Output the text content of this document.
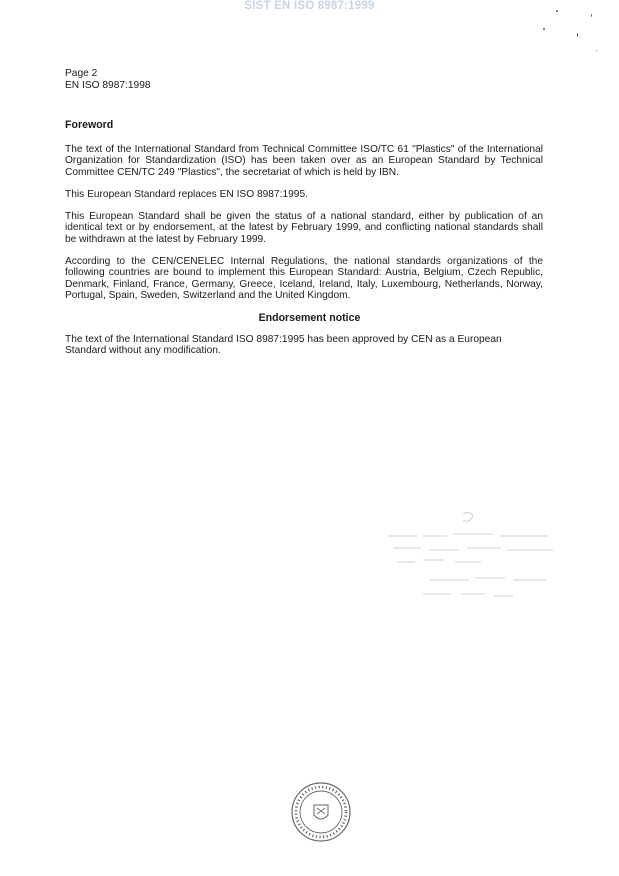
SIST EN ISO 8987:1999
Page 2
EN ISO 8987:1998
Foreword
The text of the International Standard from Technical Committee ISO/TC 61 "Plastics" of the International Organization for Standardization (ISO) has been taken over as an European Standard by Technical Committee CEN/TC 249 "Plastics", the secretariat of which is held by IBN.
This European Standard replaces EN ISO 8987:1995.
This European Standard shall be given the status of a national standard, either by publication of an identical text or by endorsement, at the latest by February 1999, and conflicting national standards shall be withdrawn at the latest by February 1999.
According to the CEN/CENELEC Internal Regulations, the national standards organizations of the following countries are bound to implement this European Standard: Austria, Belgium, Czech Republic, Denmark, Finland, France, Germany, Greece, Iceland, Ireland, Italy, Luxembourg, Netherlands, Norway, Portugal, Spain, Sweden, Switzerland and the United Kingdom.
Endorsement notice
The text of the International Standard ISO 8987:1995 has been approved by CEN as a European Standard without any modification.
